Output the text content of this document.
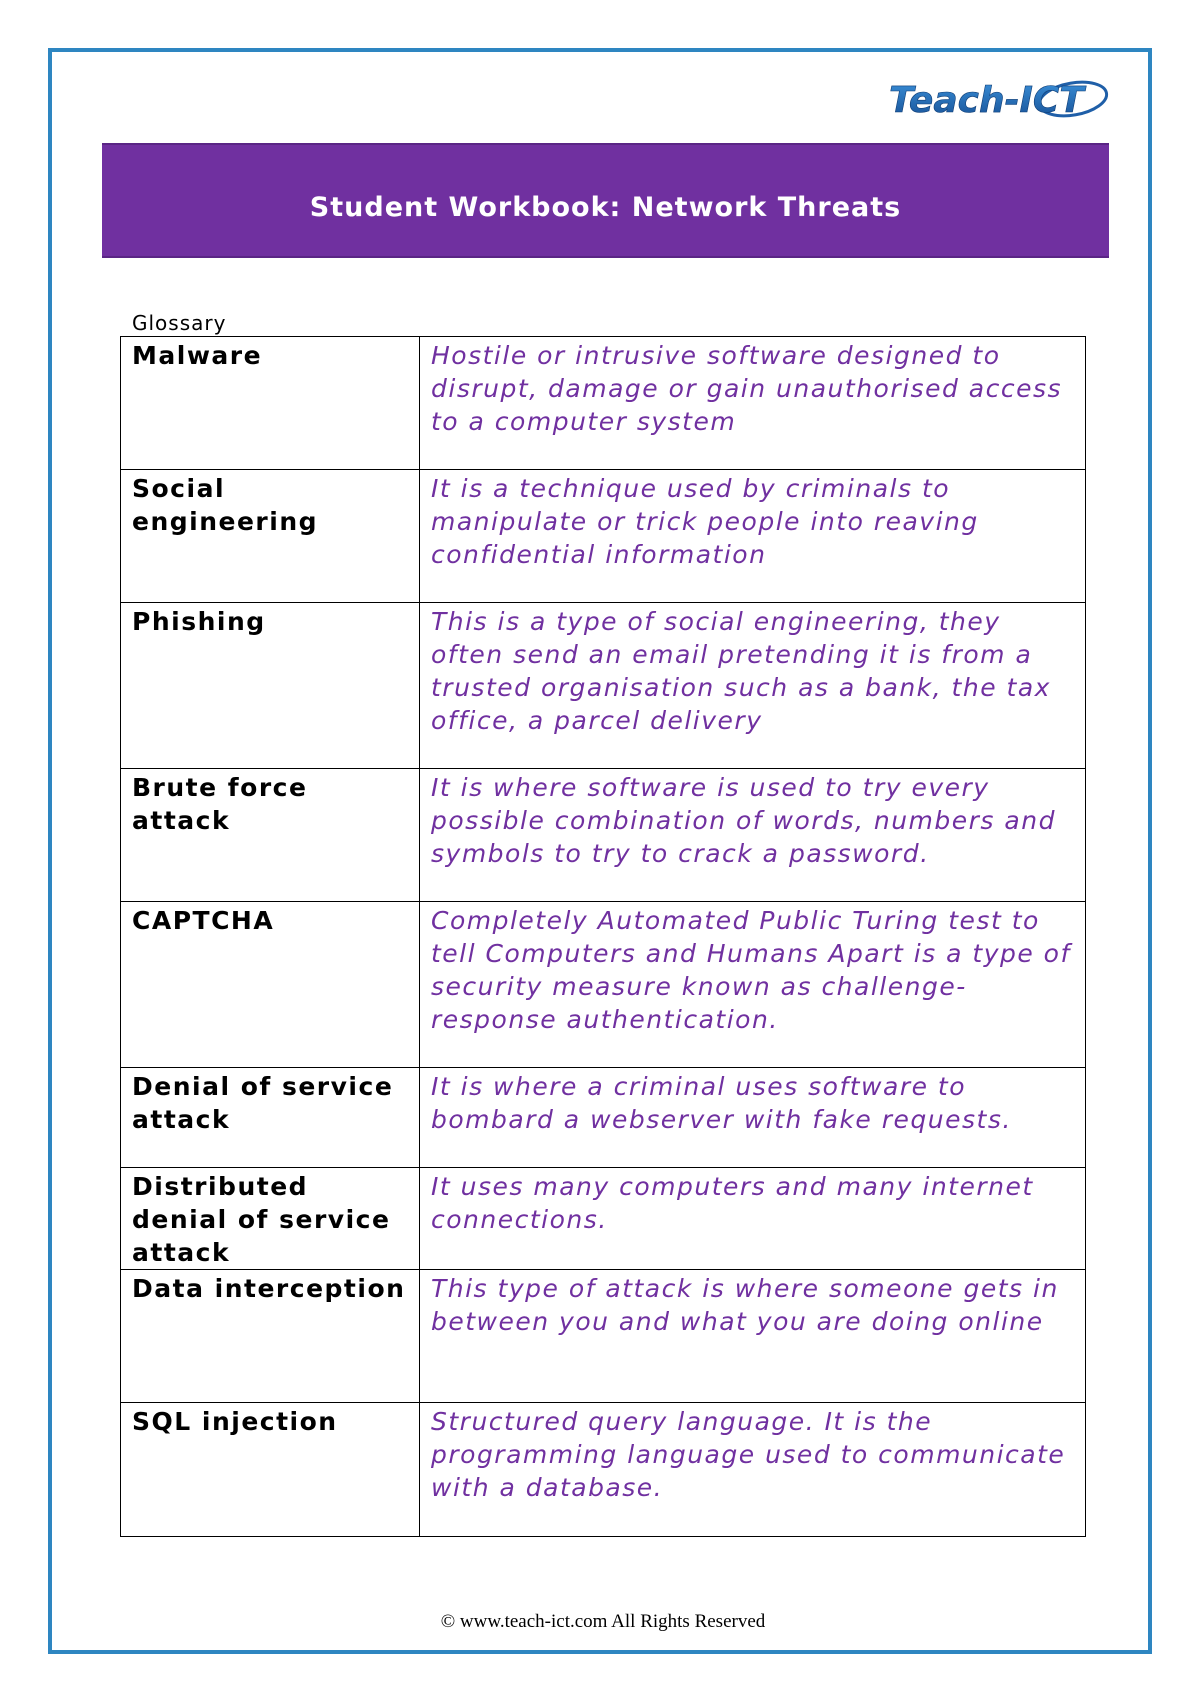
Teach-ICT
Student Workbook: Network Threats
Glossary
Malware	Hostile or intrusive software designed to disrupt, damage or gain unauthorised access to a computer system
Social engineering	It is a technique used by criminals to manipulate or trick people into reaving confidential information
Phishing	This is a type of social engineering, they often send an email pretending it is from a trusted organisation such as a bank, the tax office, a parcel delivery
Brute force attack	It is where software is used to try every possible combination of words, numbers and symbols to try to crack a password.
CAPTCHA	Completely Automated Public Turing test to tell Computers and Humans Apart is a type of security measure known as challenge-response authentication.
Denial of service attack	It is where a criminal uses software to bombard a webserver with fake requests.
Distributed denial of service attack	It uses many computers and many internet connections.
Data interception	This type of attack is where someone gets in between you and what you are doing online
SQL injection	Structured query language. It is the programming language used to communicate with a database.
© www.teach-ict.com All Rights Reserved
